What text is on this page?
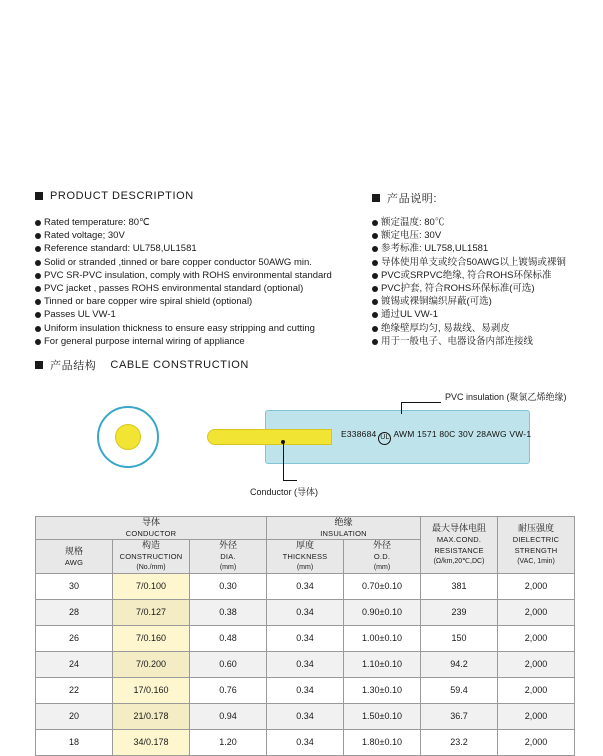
PRODUCT DESCRIPTION	产品说明:
Rated temperature: 80℃
Rated voltage; 30V
Reference standard: UL758,UL1581
Solid or stranded ,tinned or bare copper conductor 50AWG min.
PVC SR-PVC insulation, comply with ROHS environmental standard
PVC jacket , passes ROHS environmental standard (optional)
Tinned or bare copper wire spiral shield (optional)
Passes UL VW-1
Uniform insulation thickness to ensure easy stripping and cutting
For general purpose internal wiring of appliance
额定温度: 80℃
额定电压: 30V
参考标准: UL758,UL1581
导体使用单支或绞合50AWG以上镀锡或裸铜
PVC或SRPVC绝缘, 符合ROHS环保标准
PVC护套, 符合ROHS环保标准(可选)
镀锡或裸铜编织屏蔽(可选)
通过UL VW-1
绝缘壁厚均匀, 易裁线、易剥皮
用于一般电子、电器设备内部连接线
产品结构 CABLE CONSTRUCTION
E338684 UL AWM 1571 80C 30V 28AWG VW-1
PVC insulation (聚氯乙烯绝缘)
Conductor (导体)
导体
CONDUCTOR

绝缘
INSULATION

最大导体电阻
MAX.COND.
RESISTANCE
(Ω/km,20℃,DC)

耐压强度
DIELECTRIC
STRENGTH
(VAC, 1min)

规格
AWG

构造
CONSTRUCTION
(No./mm)

外径
DIA.
(mm)

厚度
THICKNESS
(mm)

外径
O.D.
(mm)

30	7/0.100	0.30	0.34	0.70±0.10	381	2,000
28	7/0.127	0.38	0.34	0.90±0.10	239	2,000
26	7/0.160	0.48	0.34	1.00±0.10	150	2,000
24	7/0.200	0.60	0.34	1.10±0.10	94.2	2,000
22	17/0.160	0.76	0.34	1.30±0.10	59.4	2,000
20	21/0.178	0.94	0.34	1.50±0.10	36.7	2,000
18	34/0.178	1.20	0.34	1.80±0.10	23.2	2,000
